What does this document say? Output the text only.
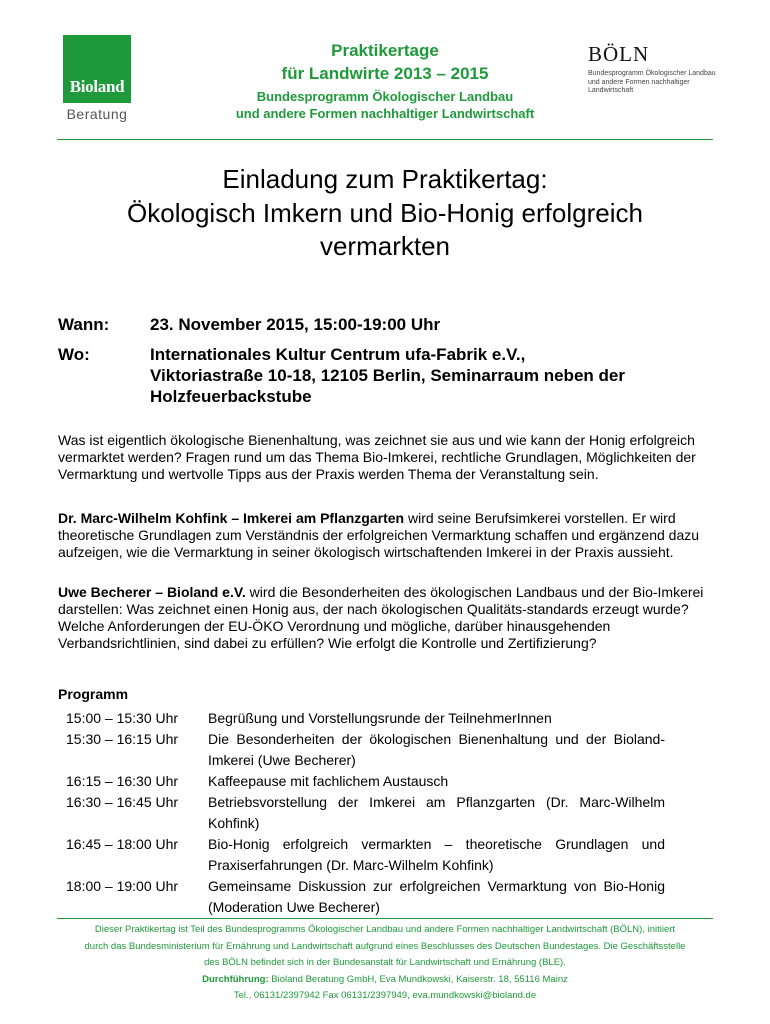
Bioland
Beratung
Praktikertage
für Landwirte 2013 – 2015
Bundesprogramm Ökologischer Landbau
und andere Formen nachhaltiger Landwirtschaft
BÖLN
Bundesprogramm Ökologischer Landbau und andere Formen nachhaltiger Landwirtschaft
Einladung zum Praktikertag:
Ökologisch Imkern und Bio-Honig erfolgreich
vermarkten
Wann:	23. November 2015, 15:00-19:00 Uhr
Wo:	Internationales Kultur Centrum ufa-Fabrik e.V.,
Viktoriastraße 10-18, 12105 Berlin, Seminarraum neben der
Holzfeuerbackstube
Was ist eigentlich ökologische Bienenhaltung, was zeichnet sie aus und wie kann der Honig erfolgreich vermarktet werden? Fragen rund um das Thema Bio-Imkerei, rechtliche Grundlagen, Möglichkeiten der Vermarktung und wertvolle Tipps aus der Praxis werden Thema der Veranstaltung sein.
Dr. Marc-Wilhelm Kohfink – Imkerei am Pflanzgarten wird seine Berufsimkerei vorstellen. Er wird theoretische Grundlagen zum Verständnis der erfolgreichen Vermarktung schaffen und ergänzend dazu aufzeigen, wie die Vermarktung in seiner ökologisch wirtschaftenden Imkerei in der Praxis aussieht.
Uwe Becherer – Bioland e.V. wird die Besonderheiten des ökologischen Landbaus und der Bio-Imkerei darstellen: Was zeichnet einen Honig aus, der nach ökologischen Qualitäts-standards erzeugt wurde? Welche Anforderungen der EU-ÖKO Verordnung und mögliche, darüber hinausgehenden Verbandsrichtlinien, sind dabei zu erfüllen? Wie erfolgt die Kontrolle und Zertifizierung?
Programm
15:00 – 15:30 Uhr	Begrüßung und Vorstellungsrunde der TeilnehmerInnen
15:30 – 16:15 Uhr	Die Besonderheiten der ökologischen Bienenhaltung und der Bioland-Imkerei (Uwe Becherer)
16:15 – 16:30 Uhr	Kaffeepause mit fachlichem Austausch
16:30 – 16:45 Uhr	Betriebsvorstellung der Imkerei am Pflanzgarten (Dr. Marc-Wilhelm Kohfink)
16:45 – 18:00 Uhr	Bio-Honig erfolgreich vermarkten – theoretische Grundlagen und Praxiserfahrungen (Dr. Marc-Wilhelm Kohfink)
18:00 – 19:00 Uhr	Gemeinsame Diskussion zur erfolgreichen Vermarktung von Bio-Honig (Moderation Uwe Becherer)
Dieser Praktikertag ist Teil des Bundesprogramms Ökologischer Landbau und andere Formen nachhaltiger Landwirtschaft (BÖLN), initiiert
durch das Bundesministerium für Ernährung und Landwirtschaft aufgrund eines Beschlusses des Deutschen Bundestages. Die Geschäftsstelle
des BÖLN befindet sich in der Bundesanstalt für Landwirtschaft und Ernährung (BLE).
Durchführung: Bioland Beratung GmbH, Eva Mundkowski, Kaiserstr. 18, 55116 Mainz
Tel., 06131/2397942 Fax 06131/2397949, eva.mundkowski@bioland.de
